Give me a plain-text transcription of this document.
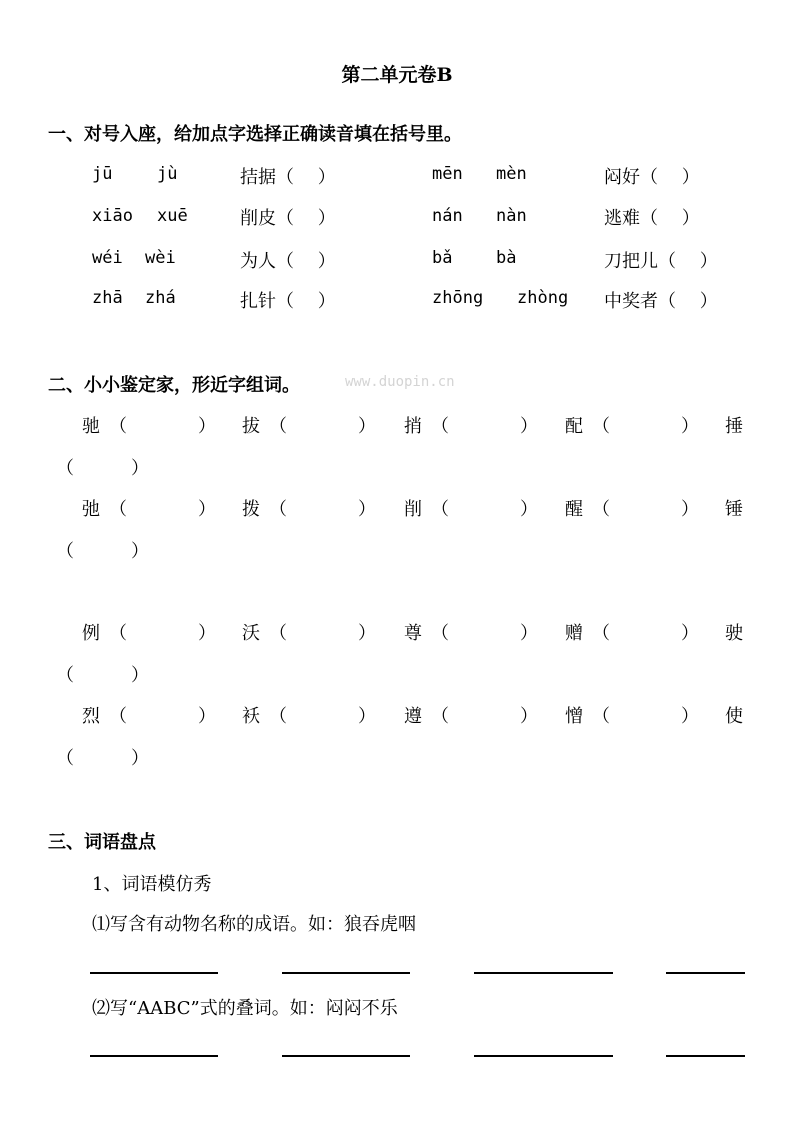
第二单元卷B
一、对号入座，给加点字选择正确读音填在括号里。
jū	jù	拮据（　 ）	mēn mèn	闷好（　 ）
xiāo xuē	削皮（　 ）	nán nàn	逃难（　 ）
wéi wèi	为人（　 ）	bǎ	bà	刀把儿（　 ）
zhā zhá	扎针（　 ）	zhōng zhòng 中奖者（　 ）
二、小小鉴定家，形近字组词。	www.duopin.cn
驰 （	） 拔 （	） 捎 （	） 配 （	） 捶
（	）
弛 （	） 拨 （	） 削 （	） 醒 （	） 锤
（	）
例 （	） 沃 （	） 尊 （	） 赠 （	） 驶
（	）
烈 （	） 袄 （	） 遵 （	） 憎 （	） 使
（	）
三、词语盘点
1、词语模仿秀
⑴写含有动物名称的成语。如：狼吞虎咽
⑵写“AABC”式的叠词。如：闷闷不乐
